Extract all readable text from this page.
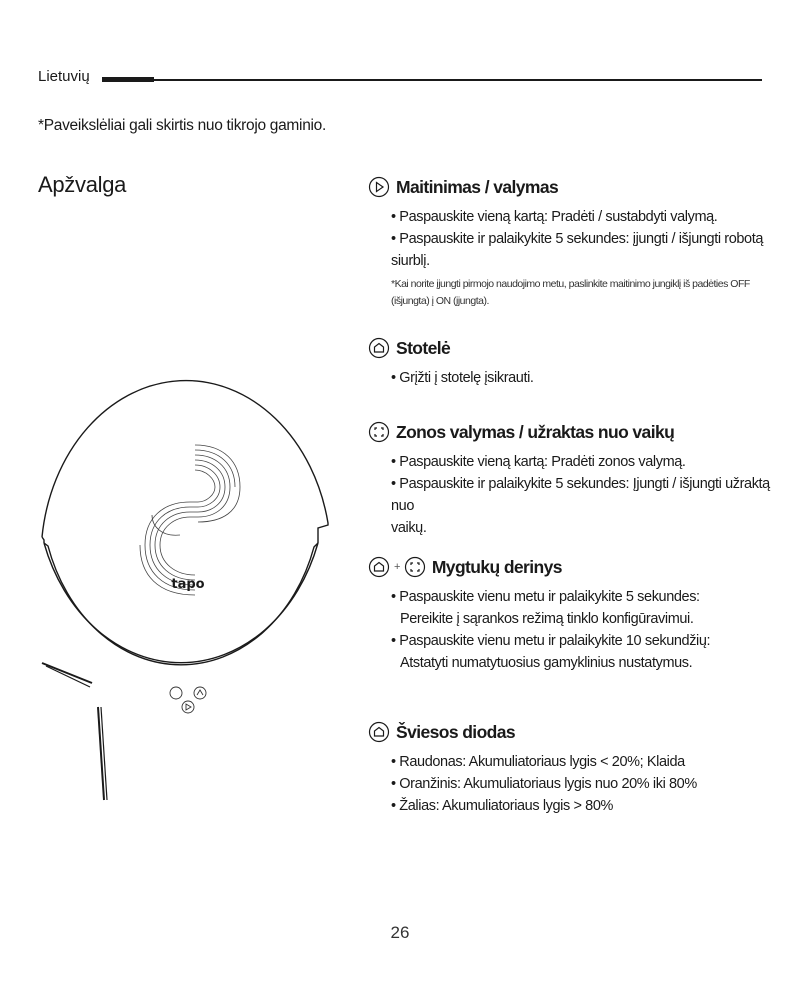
Lietuvių
*Paveikslėliai gali skirtis nuo tikrojo gaminio.
Apžvalga
tapo
Maitinimas / valymas
• Paspauskite vieną kartą: Pradėti / sustabdyti valymą.
• Paspauskite ir palaikykite 5 sekundes: įjungti / išjungti robotą siurblį.
*Kai norite įjungti pirmojo naudojimo metu, paslinkite maitinimo jungiklį iš padėties OFF
(išjungta) į ON (įjungta).
Stotelė
• Grįžti į stotelę įsikrauti.
Zonos valymas / užraktas nuo vaikų
• Paspauskite vieną kartą: Pradėti zonos valymą.
• Paspauskite ir palaikykite 5 sekundes: Įjungti / išjungti užraktą nuo
vaikų.
+ Mygtukų derinys
• Paspauskite vienu metu ir palaikykite 5 sekundes:
Pereikite į sąrankos režimą tinklo konfigūravimui.
• Paspauskite vienu metu ir palaikykite 10 sekundžių:
Atstatyti numatytuosius gamyklinius nustatymus.
Šviesos diodas
• Raudonas: Akumuliatoriaus lygis < 20%; Klaida
• Oranžinis: Akumuliatoriaus lygis nuo 20% iki 80%
• Žalias: Akumuliatoriaus lygis > 80%
26
